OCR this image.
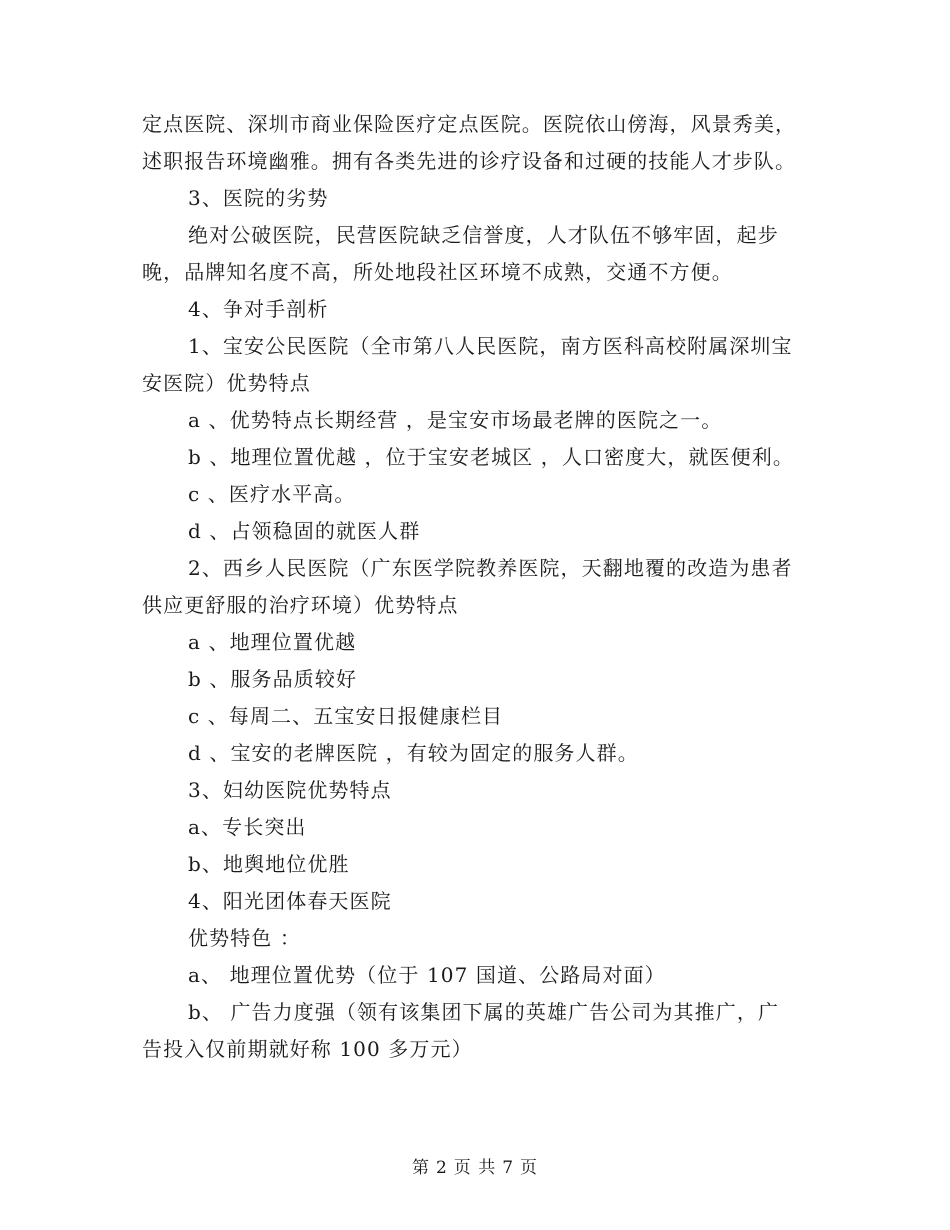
定点医院、深圳市商业保险医疗定点医院。医院依山傍海，风景秀美，
述职报告环境幽雅。拥有各类先进的诊疗设备和过硬的技能人才步队。
3、医院的劣势
绝对公破医院，民营医院缺乏信誉度，人才队伍不够牢固，起步
晚，品牌知名度不高，所处地段社区环境不成熟，交通不方便。
4、争对手剖析
1、宝安公民医院（全市第八人民医院，南方医科高校附属深圳宝
安医院）优势特点
a 、优势特点长期经营 ，是宝安市场最老牌的医院之一。
b 、地理位置优越 ，位于宝安老城区 ，人口密度大，就医便利。
c 、医疗水平高。
d 、占领稳固的就医人群
2、西乡人民医院（广东医学院教养医院，天翻地覆的改造为患者
供应更舒服的治疗环境）优势特点
a 、地理位置优越
b 、服务品质较好
c 、每周二、五宝安日报健康栏目
d 、宝安的老牌医院 ，有较为固定的服务人群。
3、妇幼医院优势特点
a、专长突出
b、地舆地位优胜
4、阳光团体春天医院
优势特色 ：
a、 地理位置优势（位于 107 国道、公路局对面）
b、 广告力度强（领有该集团下属的英雄广告公司为其推广，广
告投入仅前期就好称 100 多万元）
第 2 页 共 7 页
